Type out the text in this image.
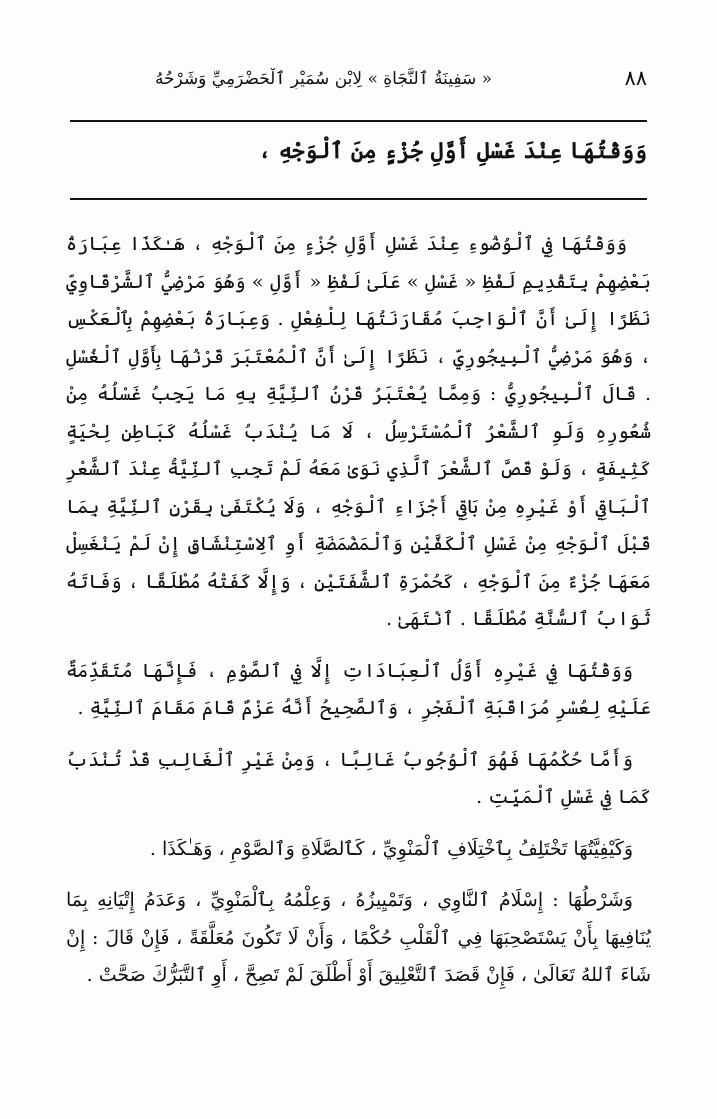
٨٨
« سَفِينَةُ ٱلنَّجَاةِ » لِابْنِ سُمَيْرِ ٱلْحَضْرَمِيِّ وَشَرْحُهُ
وَوَقْتُهَا عِنْدَ غَسْلِ أَوَّلِ جُزْءٍ مِنَ ٱلْوَجْهِ ،

وَوَقْتُهَا فِي ٱلْوُضُوءِ عِنْدَ غَسْلِ أَوَّلِ جُزْءٍ مِنَ ٱلْوَجْهِ ، هَـٰكَذَا عِبَارَةُ بَعْضِهِمْ بِتَقْدِيمِ لَفْظِ « غَسْلِ » عَلَىٰ لَفْظِ « أَوَّلِ » وَهُوَ مَرْضِيُّ ٱلشَّرْقَاوِيِّ نَظَرًا إِلَىٰ أَنَّ ٱلْوَاجِبَ مُقَارَنَتُهَا لِلْفِعْلِ . وَعِبَارَةُ بَعْضِهِمْ بِٱلْعَكْسِ ، وَهُوَ مَرْضِيُّ ٱلْبِيجُورِيِّ ، نَظَرًا إِلَىٰ أَنَّ ٱلْمُعْتَبَرَ قَرْنُهَا بِأَوَّلِ ٱلْغُسْلِ . قَالَ ٱلْبِيجُورِيُّ : وَمِمَّا يُعْتَبَرُ قَرْنُ ٱلنِّيَّةِ بِهِ مَا يَجِبُ غَسْلُهُ مِنْ شُعُورِهِ وَلَوِ ٱلشَّعْرُ ٱلْمُسْتَرْسِلُ ، لَا مَا يُنْدَبُ غَسْلُهُ كَبَاطِنِ لِحْيَةٍ كَثِيفَةٍ ، وَلَوْ قَصَّ ٱلشَّعْرَ ٱلَّذِي نَوَىٰ مَعَهُ لَمْ تَجِبِ ٱلنِّيَّةُ عِنْدَ ٱلشَّعْرِ ٱلْبَاقِي أَوْ غَيْرِهِ مِنْ بَاقِي أَجْزَاءِ ٱلْوَجْهِ ، وَلَا يُكْتَفَىٰ بِقَرْنِ ٱلنِّيَّةِ بِمَا قَبْلَ ٱلْوَجْهِ مِنْ غَسْلِ ٱلْكَفَّيْنِ وَٱلْمَضْمَضَةِ أَوِ ٱلِاسْتِنْشَاقِ إِنْ لَمْ يَنْغَسِلْ مَعَهَا جُزْءٌ مِنَ ٱلْوَجْهِ ، كَحُمْرَةِ ٱلشَّفَتَيْنِ ، وَإِلَّا كَفَتْهُ مُطْلَقًا ، وَفَاتَهُ ثَوَابُ ٱلسُّنَّةِ مُطْلَقًا . ٱنْتَهَىٰ .

وَوَقْتُهَا فِي غَيْرِهِ أَوَّلُ ٱلْعِبَادَاتِ إِلَّا فِي ٱلصَّوْمِ ، فَإِنَّهَا مُتَقَدِّمَةٌ عَلَيْهِ لِعُسْرِ مُرَاقَبَةِ ٱلْفَجْرِ ، وَٱلصَّحِيحُ أَنَّهُ عَزْمٌ قَامَ مَقَامَ ٱلنِّيَّةِ .

وَأَمَّا حُكْمُهَا فَهُوَ ٱلْوُجُوبُ غَالِبًا ، وَمِنْ غَيْرِ ٱلْغَالِبِ قَدْ تُنْدَبُ كَمَا فِي غَسْلِ ٱلْمَيِّتِ .

وَكَيْفِيَّتُهَا تَخْتَلِفُ بِٱخْتِلَافِ ٱلْمَنْوِيِّ ، كَٱلصَّلَاةِ وَٱلصَّوْمِ ، وَهَـٰكَذَا .

وَشَرْطُهَا : إِسْلَامُ ٱلنَّاوِي ، وَتَمْيِيزُهُ ، وَعِلْمُهُ بِٱلْمَنْوِيِّ ، وَعَدَمُ إِتْيَانِهِ بِمَا يُنَافِيهَا بِأَنْ يَسْتَصْحِبَهَا فِي ٱلْقَلْبِ حُكْمًا ، وَأَنْ لَا تَكُونَ مُعَلَّقَةً ، فَإِنْ قَالَ : إِنْ شَاءَ ٱللهُ تَعَالَىٰ ، فَإِنْ قَصَدَ ٱلتَّعْلِيقَ أَوْ أَطْلَقَ لَمْ تَصِحَّ ، أَوِ ٱلتَّبَرُّكَ صَحَّتْ .
